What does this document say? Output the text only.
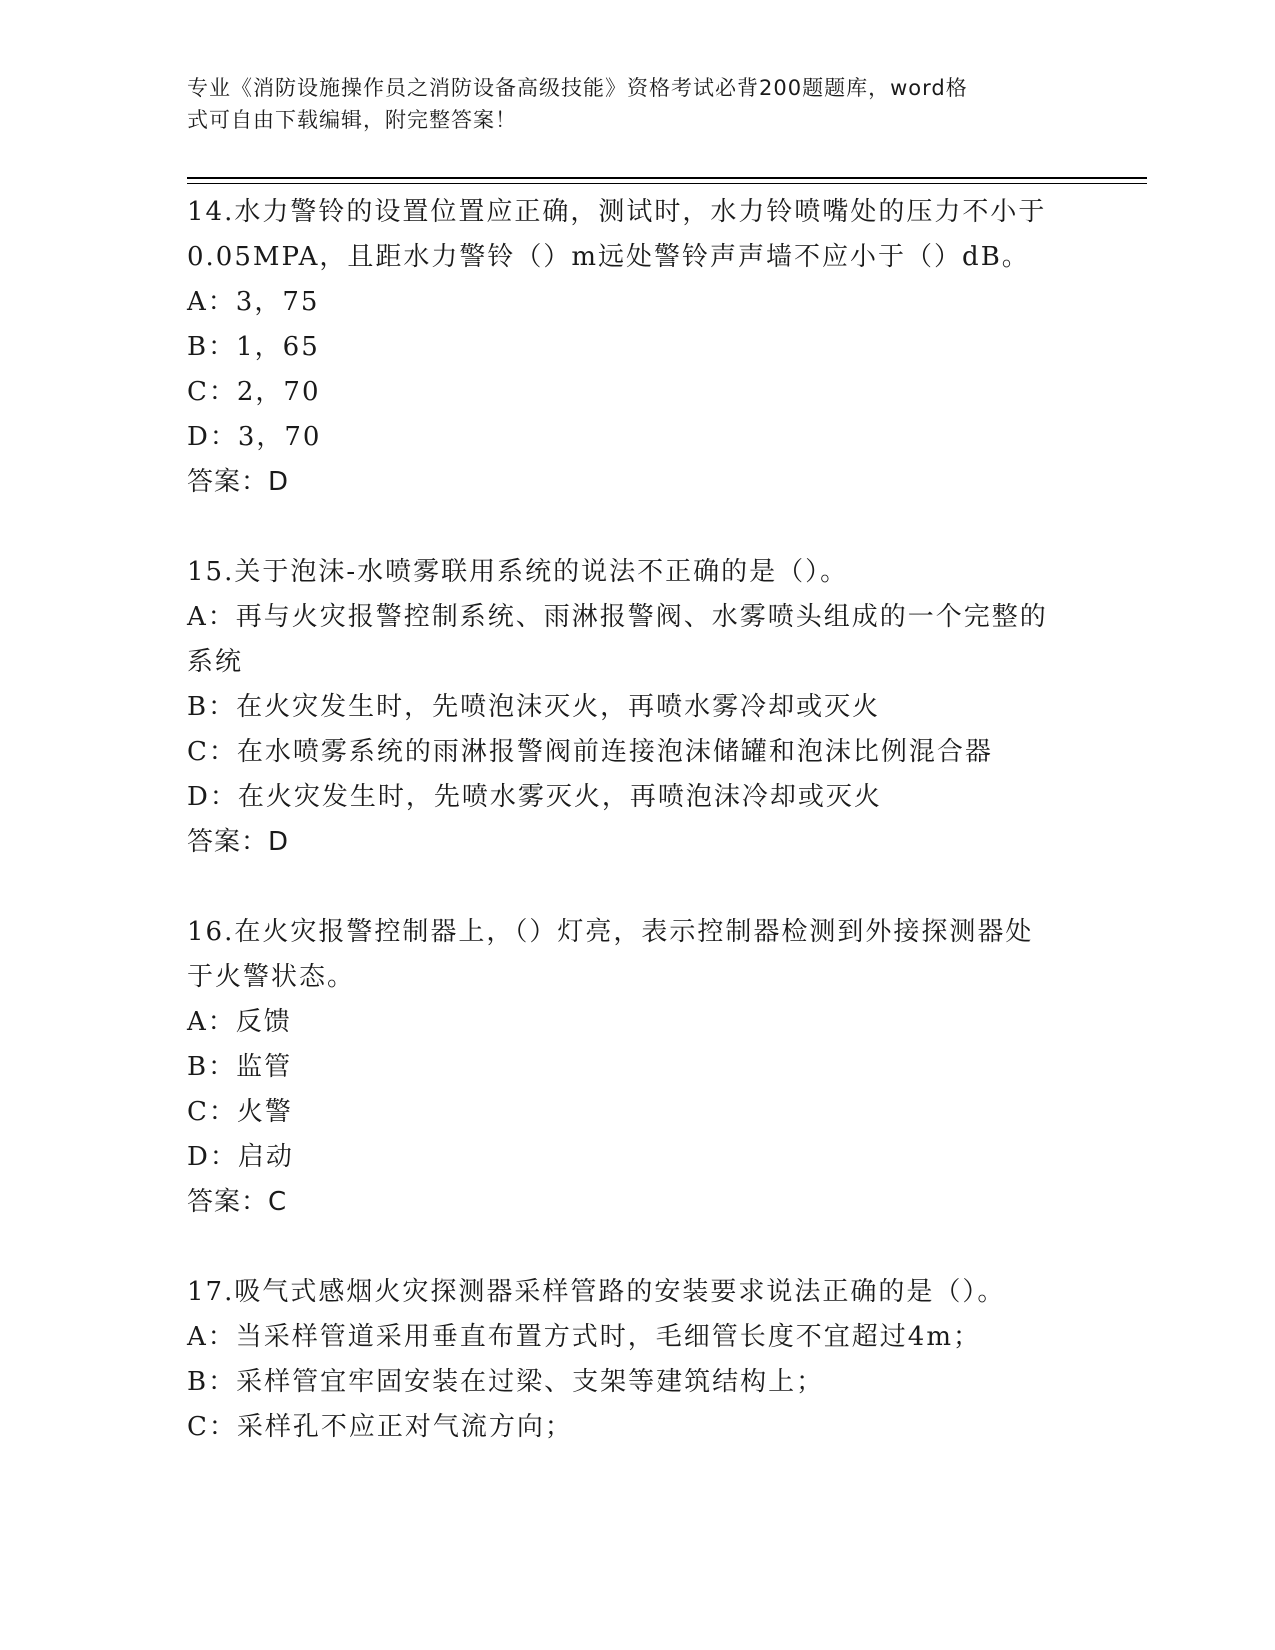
专业《消防设施操作员之消防设备高级技能》资格考试必背200题题库，word格
式可自由下载编辑，附完整答案！
14.水力警铃的设置位置应正确，测试时，水力铃喷嘴处的压力不小于
0.05MPA，且距水力警铃（）m远处警铃声声墙不应小于（）dB。
A：3，75
B：1，65
C：2，70
D：3，70
答案：D
15.关于泡沫-水喷雾联用系统的说法不正确的是（）。
A：再与火灾报警控制系统、雨淋报警阀、水雾喷头组成的一个完整的
系统
B：在火灾发生时，先喷泡沫灭火，再喷水雾冷却或灭火
C：在水喷雾系统的雨淋报警阀前连接泡沫储罐和泡沫比例混合器
D：在火灾发生时，先喷水雾灭火，再喷泡沫冷却或灭火
答案：D
16.在火灾报警控制器上，（）灯亮，表示控制器检测到外接探测器处
于火警状态。
A：反馈
B：监管
C：火警
D：启动
答案：C
17.吸气式感烟火灾探测器采样管路的安装要求说法正确的是（）。
A：当采样管道采用垂直布置方式时，毛细管长度不宜超过4m；
B：采样管宜牢固安装在过梁、支架等建筑结构上；
C：采样孔不应正对气流方向；
